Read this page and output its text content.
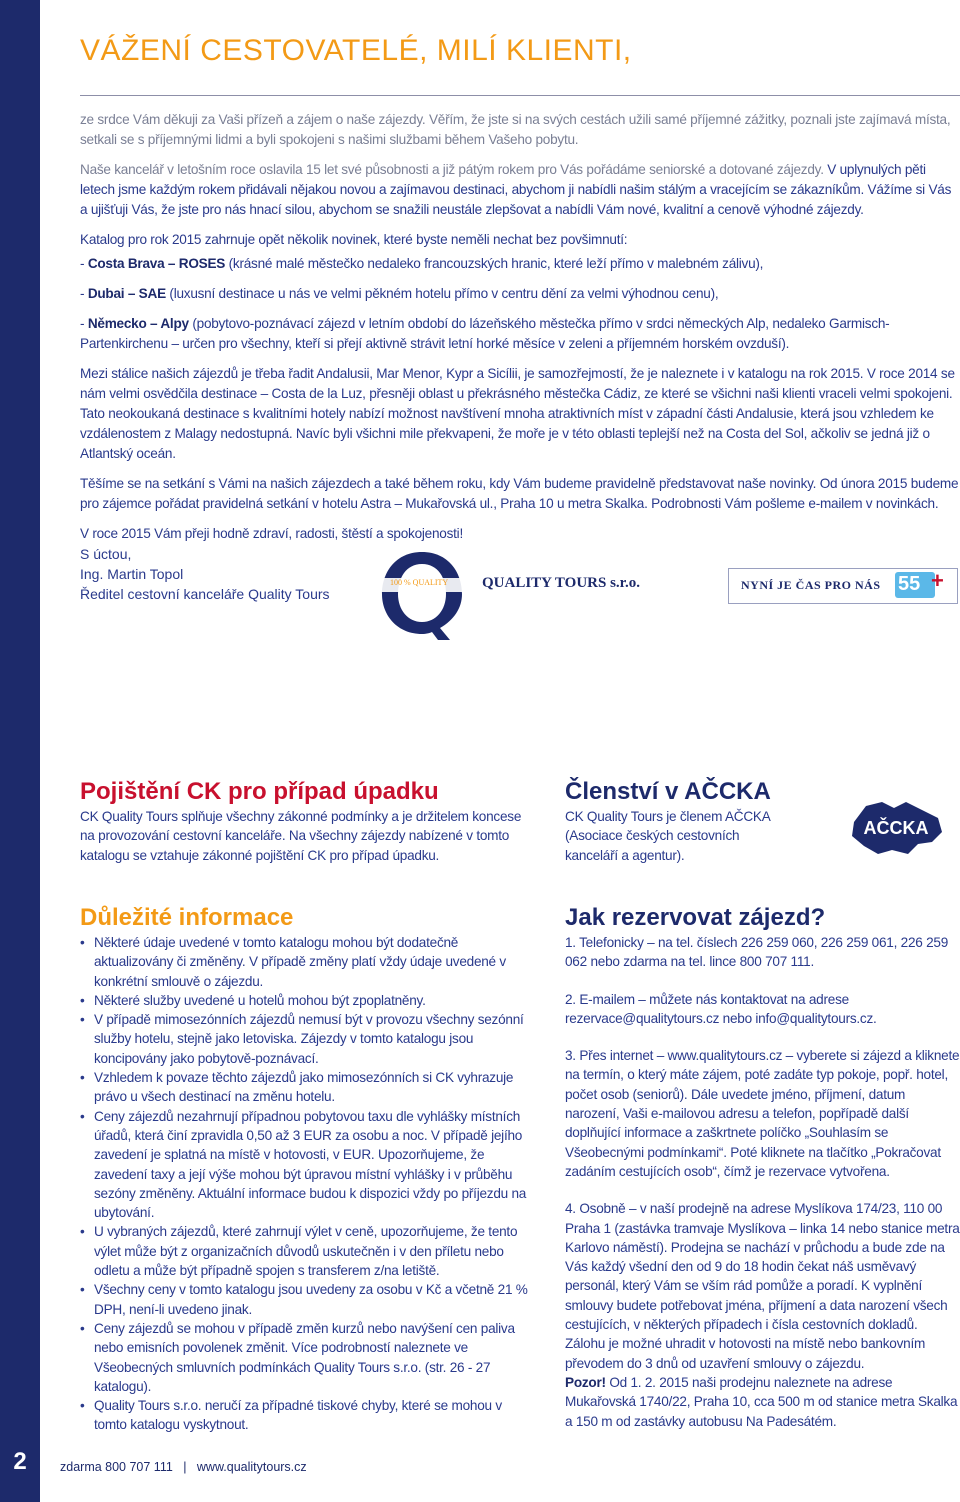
2
VÁŽENÍ CESTOVATELÉ, MILÍ KLIENTI,

ze srdce Vám děkuji za Vaši přízeň a zájem o naše zájezdy. Věřím, že jste si na svých cestách užili samé příjemné zážitky, poznali jste zajímavá místa, setkali se s příjemnými lidmi a byli spokojeni s našimi službami během Vašeho pobytu.

Naše kancelář v letošním roce oslavila 15 let své působnosti a již pátým rokem pro Vás pořádáme seniorské a dotované zájezdy. V uplynulých pěti letech jsme každým rokem přidávali nějakou novou a zajímavou destinaci, abychom ji nabídli našim stálým a vracejícím se zákazníkům. Vážíme si Vás a ujišťuji Vás, že jste pro nás hnací silou, abychom se snažili neustále zlepšovat a nabídli Vám nové, kvalitní a cenově výhodné zájezdy.

Katalog pro rok 2015 zahrnuje opět několik novinek, které byste neměli nechat bez povšimnutí:

- Costa Brava – ROSES (krásné malé městečko nedaleko francouzských hranic, které leží přímo v malebném zálivu),

- Dubai – SAE (luxusní destinace u nás ve velmi pěkném hotelu přímo v centru dění za velmi výhodnou cenu),

- Německo – Alpy (pobytovo-poznávací zájezd v letním období do lázeňského městečka přímo v srdci německých Alp, nedaleko Garmisch-Partenkirchenu – určen pro všechny, kteří si přejí aktivně strávit letní horké měsíce v zeleni a příjemném horském ovzduší).

Mezi stálice našich zájezdů je třeba řadit Andalusii, Mar Menor, Kypr a Sicílii, je samozřejmostí, že je naleznete i v katalogu na rok 2015. V roce 2014 se nám velmi osvědčila destinace – Costa de la Luz, přesněji oblast u překrásného městečka Cádiz, ze které se všichni naši klienti vraceli velmi spokojeni. Tato neokoukaná destinace s kvalitními hotely nabízí možnost navštívení mnoha atraktivních míst v západní části Andalusie, která jsou vzhledem ke vzdálenostem z Malagy nedostupná. Navíc byli všichni mile překvapeni, že moře je v této oblasti teplejší než na Costa del Sol, ačkoliv se jedná již o Atlantský oceán.

Těšíme se na setkání s Vámi na našich zájezdech a také během roku, kdy Vám budeme pravidelně představovat naše novinky. Od února 2015 budeme pro zájemce pořádat pravidelná setkání v hotelu Astra – Mukařovská ul., Praha 10 u metra Skalka. Podrobnosti Vám pošleme e-mailem v novinkách.

V roce 2015 Vám přeji hodně zdraví, radosti, štěstí a spokojenosti!

S úctou,
Ing. Martin Topol
Ředitel cestovní kanceláře Quality Tours
100 % QUALITY QUALITY TOURS s.r.o.	NYNÍ JE ČAS PRO NÁS 55 +
Pojištění CK pro případ úpadku
CK Quality Tours splňuje všechny zákonné podmínky a je držitelem koncese na provozování cestovní kanceláře. Na všechny zájezdy nabízené v tomto katalogu se vztahuje zákonné pojištění CK pro případ úpadku.
Členství v AČCKA
CK Quality Tours je členem AČCKA (Asociace českých cestovních kanceláří a agentur).
AČCKA
Důležité informace
• Některé údaje uvedené v tomto katalogu mohou být dodatečně aktualizovány či změněny. V případě změny platí vždy údaje uvedené v konkrétní smlouvě o zájezdu.
• Některé služby uvedené u hotelů mohou být zpoplatněny.
• V případě mimosezónních zájezdů nemusí být v provozu všechny sezónní služby hotelu, stejně jako letoviska. Zájezdy v tomto katalogu jsou koncipovány jako pobytově-poznávací.
• Vzhledem k povaze těchto zájezdů jako mimosezónních si CK vyhrazuje právo u všech destinací na změnu hotelu.
• Ceny zájezdů nezahrnují případnou pobytovou taxu dle vyhlášky místních úřadů, která činí zpravidla 0,50 až 3 EUR za osobu a noc. V případě jejího zavedení je splatná na místě v hotovosti, v EUR. Upozorňujeme, že zavedení taxy a její výše mohou být úpravou místní vyhlášky i v průběhu sezóny změněny. Aktuální informace budou k dispozici vždy po příjezdu na ubytování.
• U vybraných zájezdů, které zahrnují výlet v ceně, upozorňujeme, že tento výlet může být z organizačních důvodů uskutečněn i v den příletu nebo odletu a může být případně spojen s transferem z/na letiště.
• Všechny ceny v tomto katalogu jsou uvedeny za osobu v Kč a včetně 21 % DPH, není-li uvedeno jinak.
• Ceny zájezdů se mohou v případě změn kurzů nebo navýšení cen paliva nebo emisních povolenek změnit. Více podrobností naleznete ve Všeobecných smluvních podmínkách Quality Tours s.r.o. (str. 26 - 27 katalogu).
• Quality Tours s.r.o. neručí za případné tiskové chyby, které se mohou v tomto katalogu vyskytnout.
Jak rezervovat zájezd?
1. Telefonicky – na tel. číslech 226 259 060, 226 259 061, 226 259 062 nebo zdarma na tel. lince 800 707 111.
2. E-mailem – můžete nás kontaktovat na adrese rezervace@qualitytours.cz nebo info@qualitytours.cz.
3. Přes internet – www.qualitytours.cz – vyberete si zájezd a kliknete na termín, o který máte zájem, poté zadáte typ pokoje, popř. hotel, počet osob (seniorů). Dále uvedete jméno, příjmení, datum narození, Vaši e-mailovou adresu a telefon, popřípadě další doplňující informace a zaškrtnete políčko „Souhlasím se Všeobecnými podmínkami“. Poté kliknete na tlačítko „Pokračovat zadáním cestujících osob“, čímž je rezervace vytvořena.
4. Osobně – v naší prodejně na adrese Myslíkova 174/23, 110 00 Praha 1 (zastávka tramvaje Myslíkova – linka 14 nebo stanice metra Karlovo náměstí). Prodejna se nachází v průchodu a bude zde na Vás každý všední den od 9 do 18 hodin čekat náš usměvavý personál, který Vám se vším rád pomůže a poradí. K vyplnění smlouvy budete potřebovat jména, příjmení a data narození všech cestujících, v některých případech i čísla cestovních dokladů. Zálohu je možné uhradit v hotovosti na místě nebo bankovním převodem do 3 dnů od uzavření smlouvy o zájezdu.
Pozor! Od 1. 2. 2015 naši prodejnu naleznete na adrese Mukařovská 1740/22, Praha 10, cca 500 m od stanice metra Skalka a 150 m od zastávky autobusu Na Padesátém.
zdarma 800 707 111   |   www.qualitytours.cz
